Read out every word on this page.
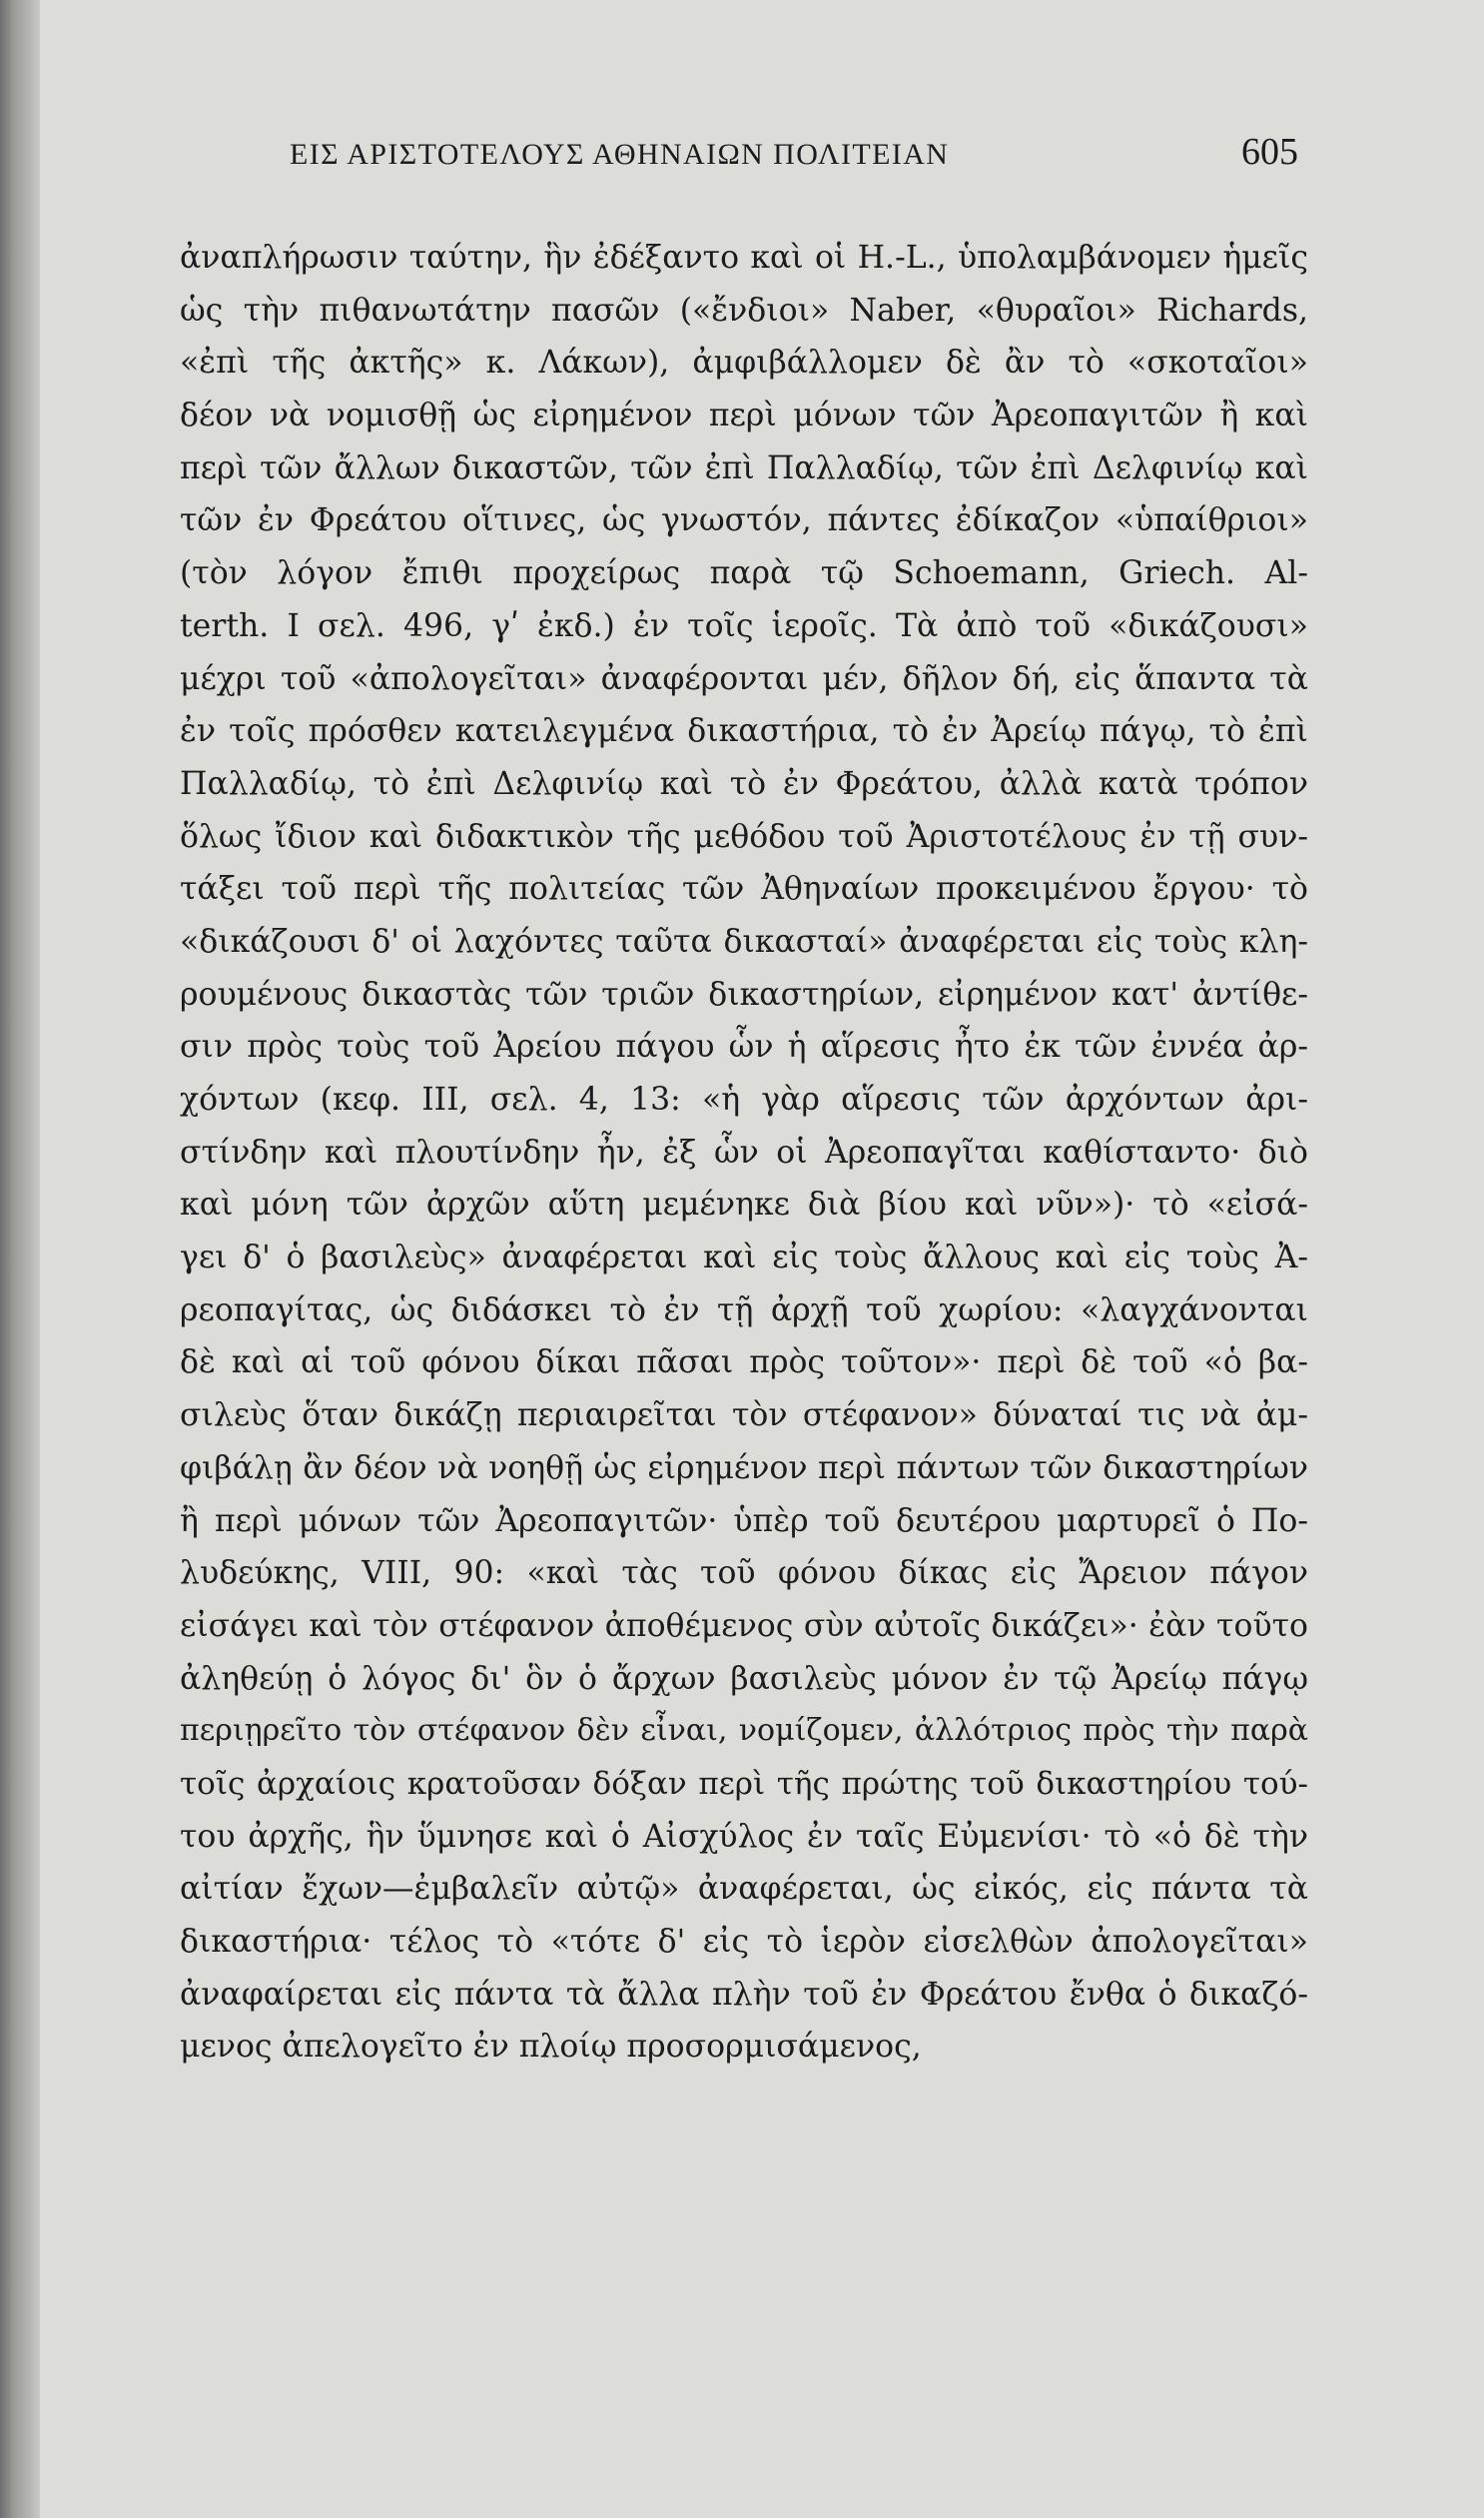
ΕΙΣ ΑΡΙΣΤΟΤΕΛΟΥΣ ΑΘΗΝΑΙΩΝ ΠΟΛΙΤΕΙΑΝ	605
ἀναπλήρωσιν ταύτην, ἣν ἐδέξαντο καὶ οἱ H.-L., ὑπολαμβάνομεν ἡμεῖς
ὡς τὴν πιθανωτάτην πασῶν («ἔνδιοι» Naber, «θυραῖοι» Richards,
«ἐπὶ τῆς ἀκτῆς» κ. Λάκων), ἀμφιβάλλομεν δὲ ἂν τὸ «σκοταῖοι»
δέον νὰ νομισθῇ ὡς εἰρημένον περὶ μόνων τῶν Ἀρεοπαγιτῶν ἢ καὶ
περὶ τῶν ἄλλων δικαστῶν, τῶν ἐπὶ Παλλαδίῳ, τῶν ἐπὶ Δελφινίῳ καὶ
τῶν ἐν Φρεάτου οἵτινες, ὡς γνωστόν, πάντες ἐδίκαζον «ὑπαίθριοι»
(τὸν λόγον ἔπιθι προχείρως παρὰ τῷ Schoemann, Griech. Al-
terth. I σελ. 496, γʹ ἐκδ.) ἐν τοῖς ἱεροῖς. Τὰ ἀπὸ τοῦ «δικάζουσι»
μέχρι τοῦ «ἀπολογεῖται» ἀναφέρονται μέν, δῆλον δή, εἰς ἅπαντα τὰ
ἐν τοῖς πρόσθεν κατειλεγμένα δικαστήρια, τὸ ἐν Ἀρείῳ πάγῳ, τὸ ἐπὶ
Παλλαδίῳ, τὸ ἐπὶ Δελφινίῳ καὶ τὸ ἐν Φρεάτου, ἀλλὰ κατὰ τρόπον
ὅλως ἴδιον καὶ διδακτικὸν τῆς μεθόδου τοῦ Ἀριστοτέλους ἐν τῇ συν-
τάξει τοῦ περὶ τῆς πολιτείας τῶν Ἀθηναίων προκειμένου ἔργου· τὸ
«δικάζουσι δ' οἱ λαχόντες ταῦτα δικασταί» ἀναφέρεται εἰς τοὺς κλη-
ρουμένους δικαστὰς τῶν τριῶν δικαστηρίων, εἰρημένον κατ' ἀντίθε-
σιν πρὸς τοὺς τοῦ Ἀρείου πάγου ὧν ἡ αἵρεσις ἦτο ἐκ τῶν ἐννέα ἀρ-
χόντων (κεφ. III, σελ. 4, 13: «ἡ γὰρ αἵρεσις τῶν ἀρχόντων ἀρι-
στίνδην καὶ πλουτίνδην ἦν, ἐξ ὧν οἱ Ἀρεοπαγῖται καθίσταντο· διὸ
καὶ μόνη τῶν ἀρχῶν αὕτη μεμένηκε διὰ βίου καὶ νῦν»)· τὸ «εἰσά-
γει δ' ὁ βασιλεὺς» ἀναφέρεται καὶ εἰς τοὺς ἄλλους καὶ εἰς τοὺς Ἀ-
ρεοπαγίτας, ὡς διδάσκει τὸ ἐν τῇ ἀρχῇ τοῦ χωρίου: «λαγχάνονται
δὲ καὶ αἱ τοῦ φόνου δίκαι πᾶσαι πρὸς τοῦτον»· περὶ δὲ τοῦ «ὁ βα-
σιλεὺς ὅταν δικάζῃ περιαιρεῖται τὸν στέφανον» δύναταί τις νὰ ἀμ-
φιβάλῃ ἂν δέον νὰ νοηθῇ ὡς εἰρημένον περὶ πάντων τῶν δικαστηρίων
ἢ περὶ μόνων τῶν Ἀρεοπαγιτῶν· ὑπὲρ τοῦ δευτέρου μαρτυρεῖ ὁ Πο-
λυδεύκης, VIII, 90: «καὶ τὰς τοῦ φόνου δίκας εἰς Ἄρειον πάγον
εἰσάγει καὶ τὸν στέφανον ἀποθέμενος σὺν αὐτοῖς δικάζει»· ἐὰν τοῦτο
ἀληθεύῃ ὁ λόγος δι' ὃν ὁ ἄρχων βασιλεὺς μόνον ἐν τῷ Ἀρείῳ πάγῳ
περιῃρεῖτο τὸν στέφανον δὲν εἶναι, νομίζομεν, ἀλλότριος πρὸς τὴν παρὰ
τοῖς ἀρχαίοις κρατοῦσαν δόξαν περὶ τῆς πρώτης τοῦ δικαστηρίου τού-
του ἀρχῆς, ἣν ὕμνησε καὶ ὁ Αἰσχύλος ἐν ταῖς Εὐμενίσι· τὸ «ὁ δὲ τὴν
αἰτίαν ἔχων—ἐμβαλεῖν αὐτῷ» ἀναφέρεται, ὡς εἰκός, εἰς πάντα τὰ
δικαστήρια· τέλος τὸ «τότε δ' εἰς τὸ ἱερὸν εἰσελθὼν ἀπολογεῖται»
ἀναφαίρεται εἰς πάντα τὰ ἄλλα πλὴν τοῦ ἐν Φρεάτου ἔνθα ὁ δικαζό-
μενος ἀπελογεῖτο ἐν πλοίῳ προσορμισάμενος,
